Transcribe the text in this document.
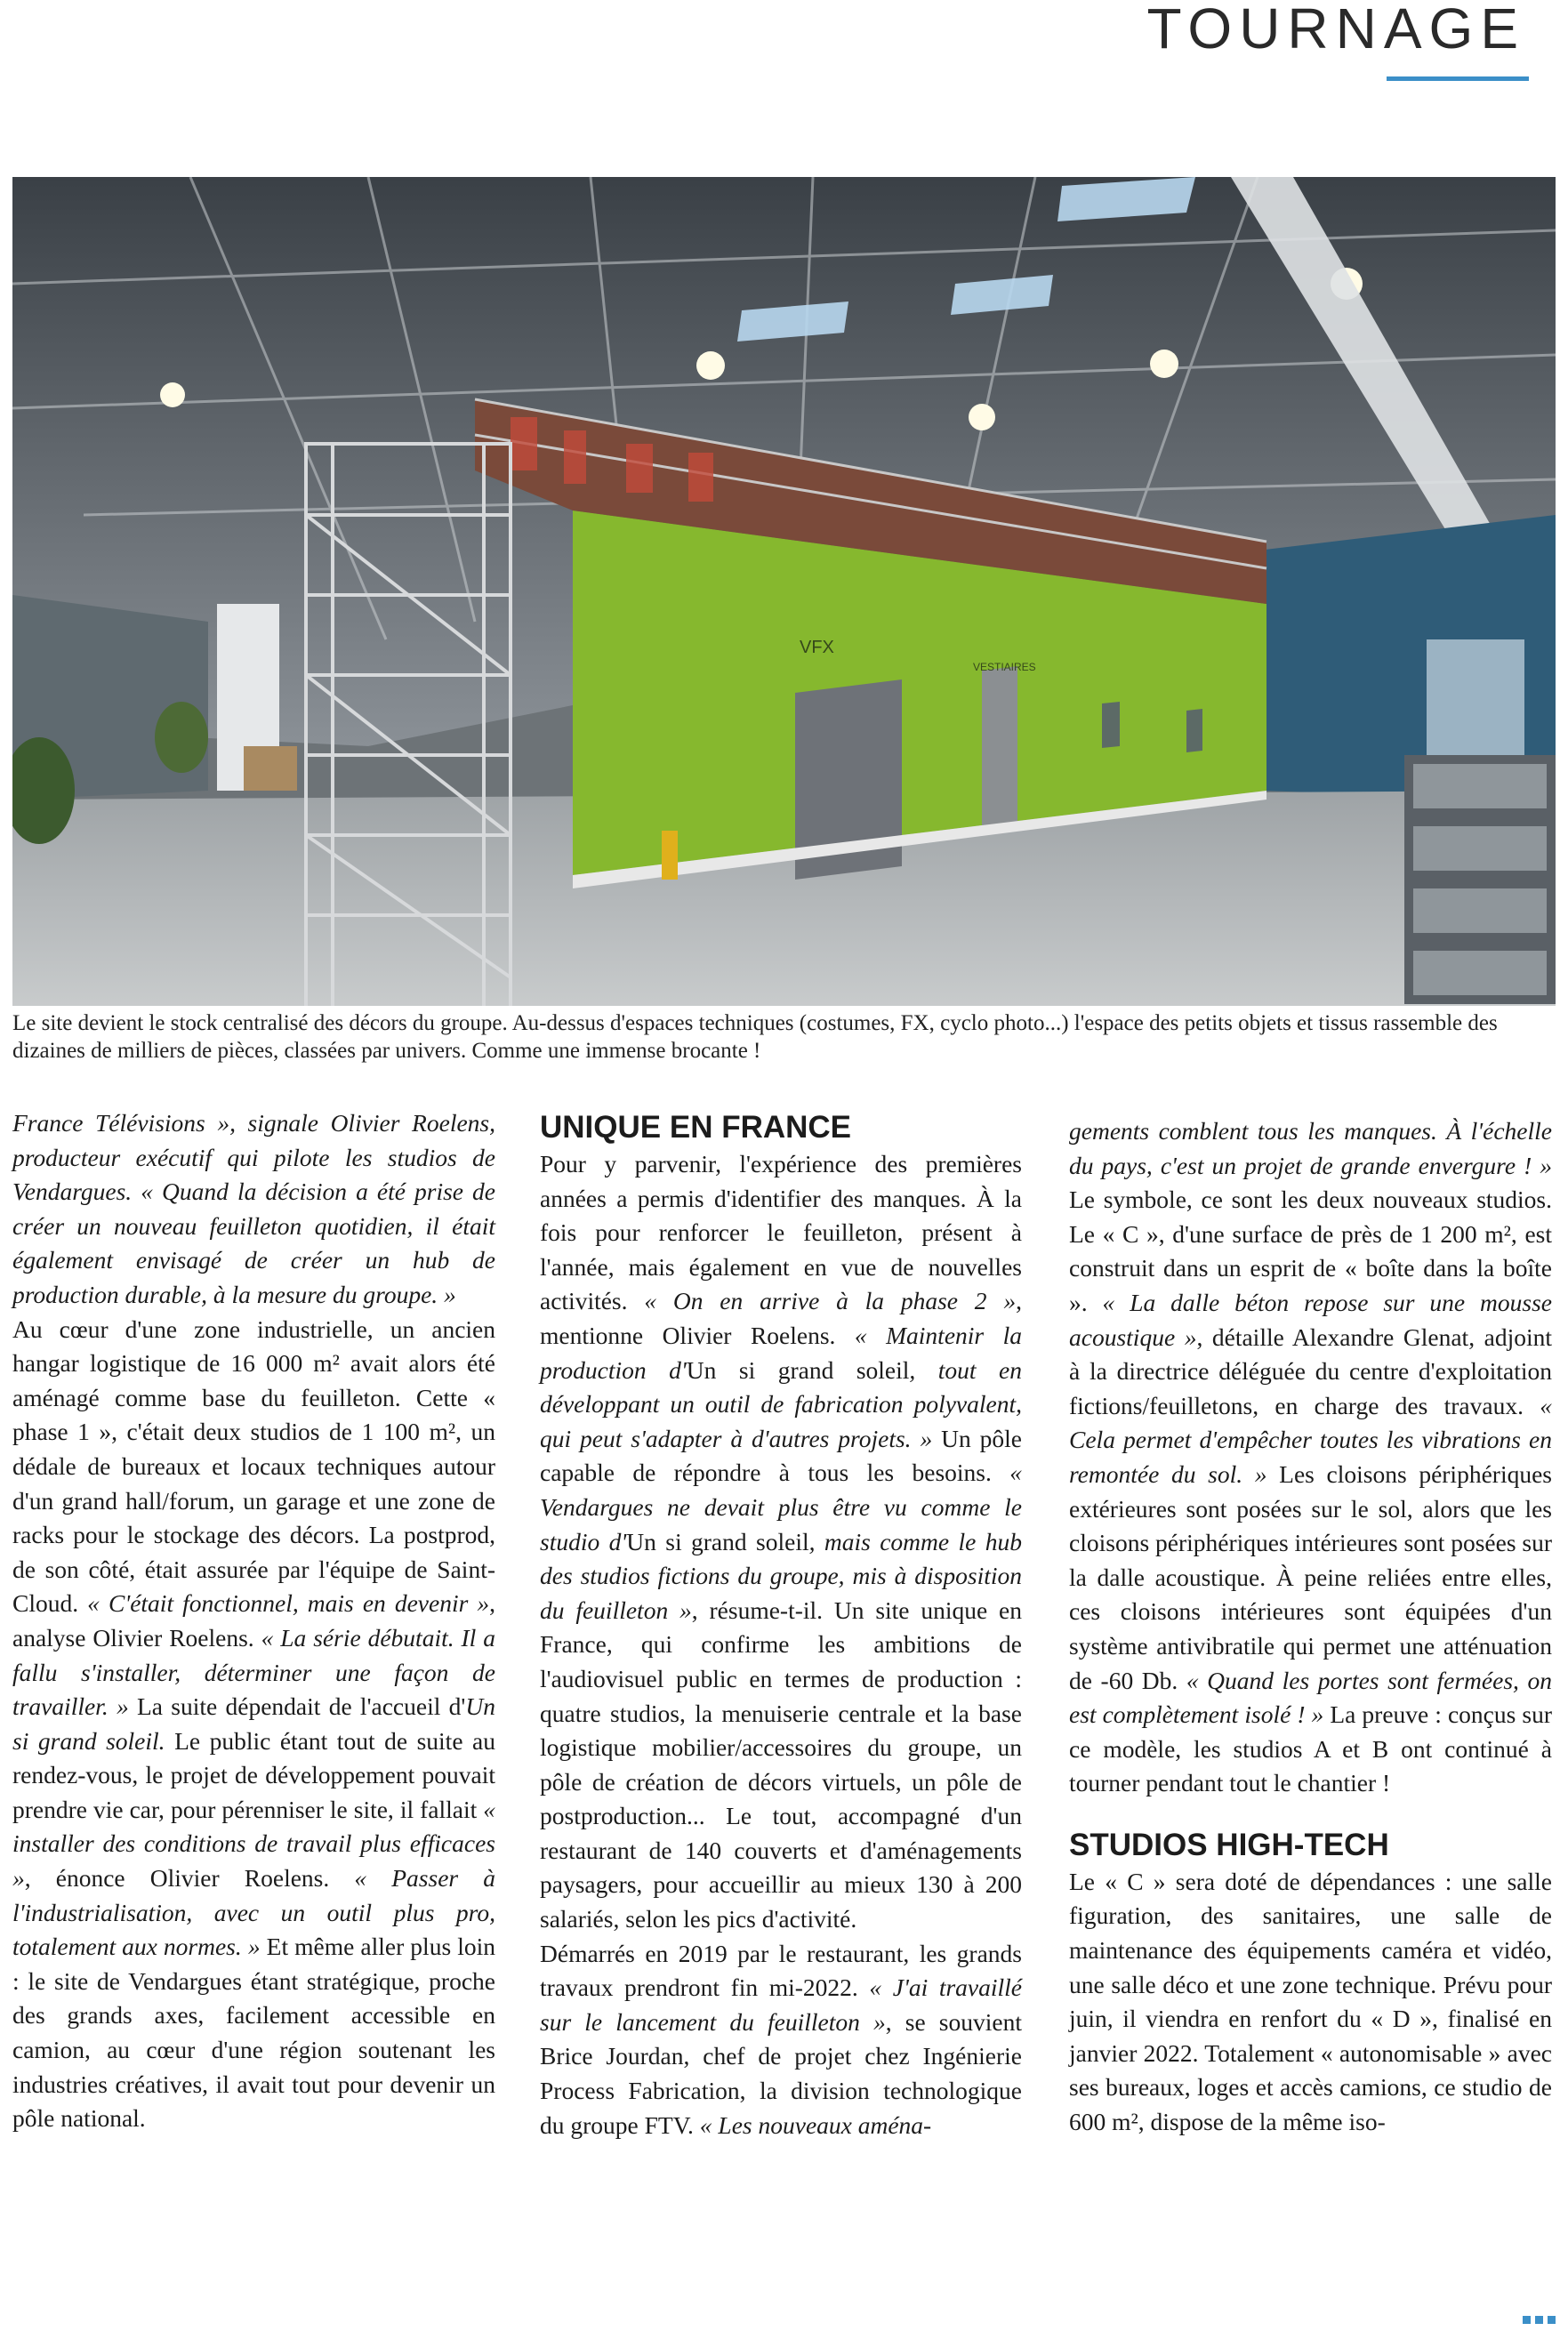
TOURNAGE
VFX
VESTIAIRES

Le site devient le stock centralisé des décors du groupe. Au-dessus d'espaces techniques (costumes, FX, cyclo photo...) l'espace des petits objets et tissus rassemble des dizaines de milliers de pièces, classées par univers. Comme une immense brocante !

France Télévisions », signale Olivier Roelens, producteur exécutif qui pilote les studios de Vendargues. « Quand la décision a été prise de créer un nouveau feuilleton quotidien, il était également envisagé de créer un hub de production durable, à la mesure du groupe. »

Au cœur d'une zone industrielle, un ancien hangar logistique de 16 000 m² avait alors été aménagé comme base du feuilleton. Cette « phase 1 », c'était deux studios de 1 100 m², un dédale de bureaux et locaux techniques autour d'un grand hall/forum, un garage et une zone de racks pour le stockage des décors. La postprod, de son côté, était assurée par l'équipe de Saint-Cloud. « C'était fonctionnel, mais en devenir », analyse Olivier Roelens. « La série débutait. Il a fallu s'installer, déterminer une façon de travailler. » La suite dépendait de l'accueil d'Un si grand soleil. Le public étant tout de suite au rendez-vous, le projet de développement pouvait prendre vie car, pour pérenniser le site, il fallait « installer des conditions de travail plus efficaces », énonce Olivier Roelens. « Passer à l'industrialisation, avec un outil plus pro, totalement aux normes. » Et même aller plus loin : le site de Vendargues étant stratégique, proche des grands axes, facilement accessible en camion, au cœur d'une région soutenant les industries créatives, il avait tout pour devenir un pôle national.

UNIQUE EN FRANCE

Pour y parvenir, l'expérience des premières années a permis d'identifier des manques. À la fois pour renforcer le feuilleton, présent à l'année, mais également en vue de nouvelles activités. « On en arrive à la phase 2 », mentionne Olivier Roelens. « Maintenir la production d'Un si grand soleil, tout en développant un outil de fabrication polyvalent, qui peut s'adapter à d'autres projets. » Un pôle capable de répondre à tous les besoins. « Vendargues ne devait plus être vu comme le studio d'Un si grand soleil, mais comme le hub des studios fictions du groupe, mis à disposition du feuilleton », résume-t-il. Un site unique en France, qui confirme les ambitions de l'audiovisuel public en termes de production : quatre studios, la menuiserie centrale et la base logistique mobilier/accessoires du groupe, un pôle de création de décors virtuels, un pôle de postproduction... Le tout, accompagné d'un restaurant de 140 couverts et d'aménagements paysagers, pour accueillir au mieux 130 à 200 salariés, selon les pics d'activité.

Démarrés en 2019 par le restaurant, les grands travaux prendront fin mi-2022. « J'ai travaillé sur le lancement du feuilleton », se souvient Brice Jourdan, chef de projet chez Ingénierie Process Fabrication, la division technologique du groupe FTV. « Les nouveaux aména-

gements comblent tous les manques. À l'échelle du pays, c'est un projet de grande envergure ! » Le symbole, ce sont les deux nouveaux studios. Le « C », d'une surface de près de 1 200 m², est construit dans un esprit de « boîte dans la boîte ». « La dalle béton repose sur une mousse acoustique », détaille Alexandre Glenat, adjoint à la directrice déléguée du centre d'exploitation fictions/feuilletons, en charge des travaux. « Cela permet d'empêcher toutes les vibrations en remontée du sol. » Les cloisons périphériques extérieures sont posées sur le sol, alors que les cloisons périphériques intérieures sont posées sur la dalle acoustique. À peine reliées entre elles, ces cloisons intérieures sont équipées d'un système antivibratile qui permet une atténuation de -60 Db. « Quand les portes sont fermées, on est complètement isolé ! » La preuve : conçus sur ce modèle, les studios A et B ont continué à tourner pendant tout le chantier !

STUDIOS HIGH-TECH

Le « C » sera doté de dépendances : une salle figuration, des sanitaires, une salle de maintenance des équipements caméra et vidéo, une salle déco et une zone technique. Prévu pour juin, il viendra en renfort du « D », finalisé en janvier 2022. Totalement « autonomisable » avec ses bureaux, loges et accès camions, ce studio de 600 m², dispose de la même iso-
